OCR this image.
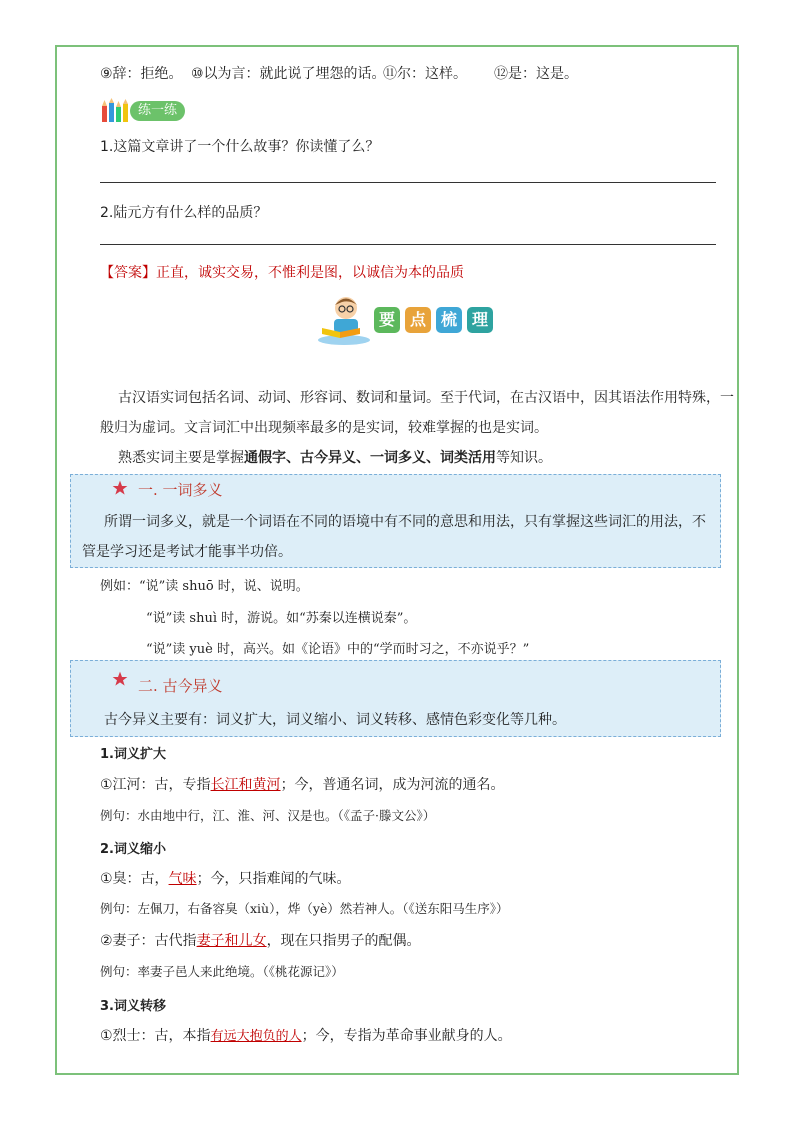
⑨辞：拒绝。 ⑩以为言：就此说了埋怨的话。
⑪尔：这样。 ⑫是：这是。
练一练
1.这篇文章讲了一个什么故事？你读懂了么？
2.陆元方有什么样的品质？
【答案】正直，诚实交易，不惟利是图，以诚信为本的品质
要 点 梳 理
古汉语实词包括名词、动词、形容词、数词和量词。至于代词，在古汉语中，因其语法作用特殊，一
般归为虚词。文言词汇中出现频率最多的是实词，较难掌握的也是实词。
熟悉实词主要是掌握通假字、古今异义、一词多义、词类活用等知识。
一. 一词多义
所谓一词多义，就是一个词语在不同的语境中有不同的意思和用法，只有掌握这些词汇的用法，不
管是学习还是考试才能事半功倍。
例如：“说”读 shuō 时，说、说明。
“说”读 shuì 时，游说。如“苏秦以连横说秦”。
“说”读 yuè 时，高兴。如《论语》中的“学而时习之，不亦说乎？”
二. 古今异义
古今异义主要有：词义扩大，词义缩小、词义转移、感情色彩变化等几种。
1.词义扩大
①江河：古，专指长江和黄河；今，普通名词，成为河流的通名。
例句：水由地中行，江、淮、河、汉是也。（《孟子·滕文公》）
2.词义缩小
①臭：古，气味；今，只指难闻的气味。
例句：左佩刀，右备容臭（xiù），烨（yè）然若神人。（《送东阳马生序》）
②妻子：古代指妻子和儿女，现在只指男子的配偶。
例句：率妻子邑人来此绝境。（《桃花源记》）
3.词义转移
①烈士：古，本指有远大抱负的人；今，专指为革命事业献身的人。
